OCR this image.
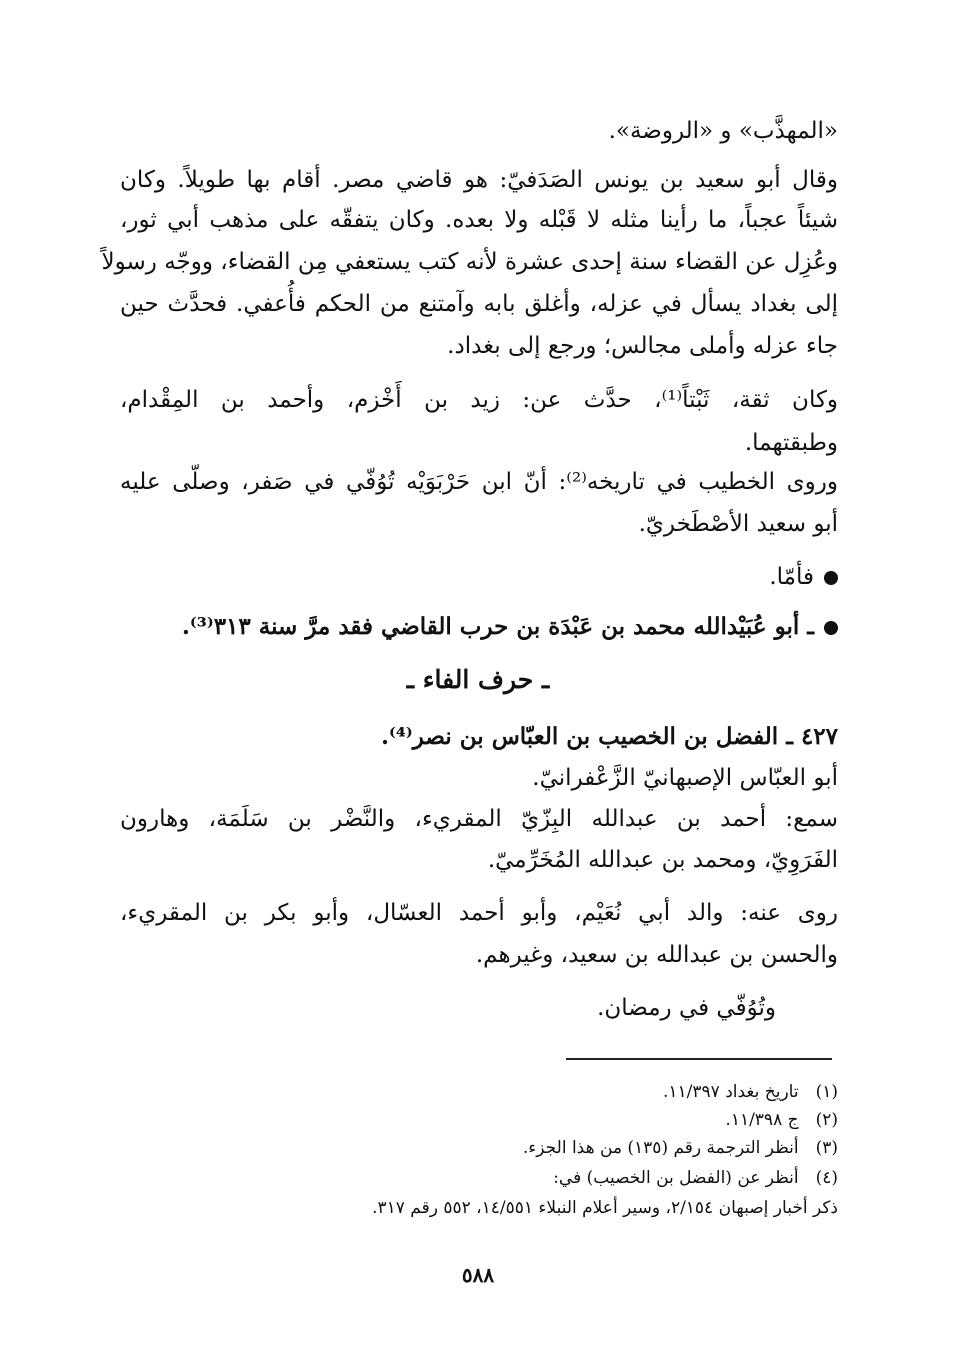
«المهذَّب» و «الروضة».
وقال أبو سعيد بن يونس الصَدَفيّ: هو قاضي مصر. أقام بها طويلاً. وكان
شيئاً عجباً، ما رأينا مثله لا قَبْله ولا بعده. وكان يتفقّه على مذهب أبي ثور،
وعُزِل عن القضاء سنة إحدى عشرة لأنه كتب يستعفي مِن القضاء، ووجّه رسولاً
إلى بغداد يسأل في عزله، وأغلق بابه وآمتنع من الحكم فأُعفي. فحدَّث حين
جاء عزله وأملى مجالس؛ ورجع إلى بغداد.
وكان ثقة، ثَبْتاً⁽¹⁾، حدَّث عن: زيد بن أَخْزم، وأحمد بن المِقْدام،
وطبقتهما.
وروى الخطيب في تاريخه⁽²⁾: أنّ ابن حَرْبَوَيْه تُوُفّي في صَفر، وصلّى عليه
أبو سعيد الأصْطَخريّ.
فأمّا.
ـ أبو عُبَيْدالله محمد بن عَبْدَة بن حرب القاضي فقد مرَّ سنة ٣١٣⁽³⁾.
ـ حرف الفاء ـ
٤٢٧ ـ الفضل بن الخصيب بن العبّاس بن نصر⁽⁴⁾.
أبو العبّاس الإصبهانيّ الزَّعْفرانيّ.
سمع: أحمد بن عبدالله البِزّيّ المقريء، والنَّضْر بن سَلَمَة، وهارون
الفَرَوِيّ، ومحمد بن عبدالله المُخَرِّميّ.
روى عنه: والد أبي نُعَيْم، وأبو أحمد العسّال، وأبو بكر بن المقريء،
والحسن بن عبدالله بن سعيد، وغيرهم.
وتُوُفّي في رمضان.
(١) تاريخ بغداد ١١/٣٩٧.
(٢) ج ١١/٣٩٨.
(٣) أنظر الترجمة رقم (١٣٥) من هذا الجزء.
(٤) أنظر عن (الفضل بن الخصيب) في:
ذكر أخبار إصبهان ٢/١٥٤، وسير أعلام النبلاء ١٤/٥٥١، ٥٥٢ رقم ٣١٧.
٥٨٨
